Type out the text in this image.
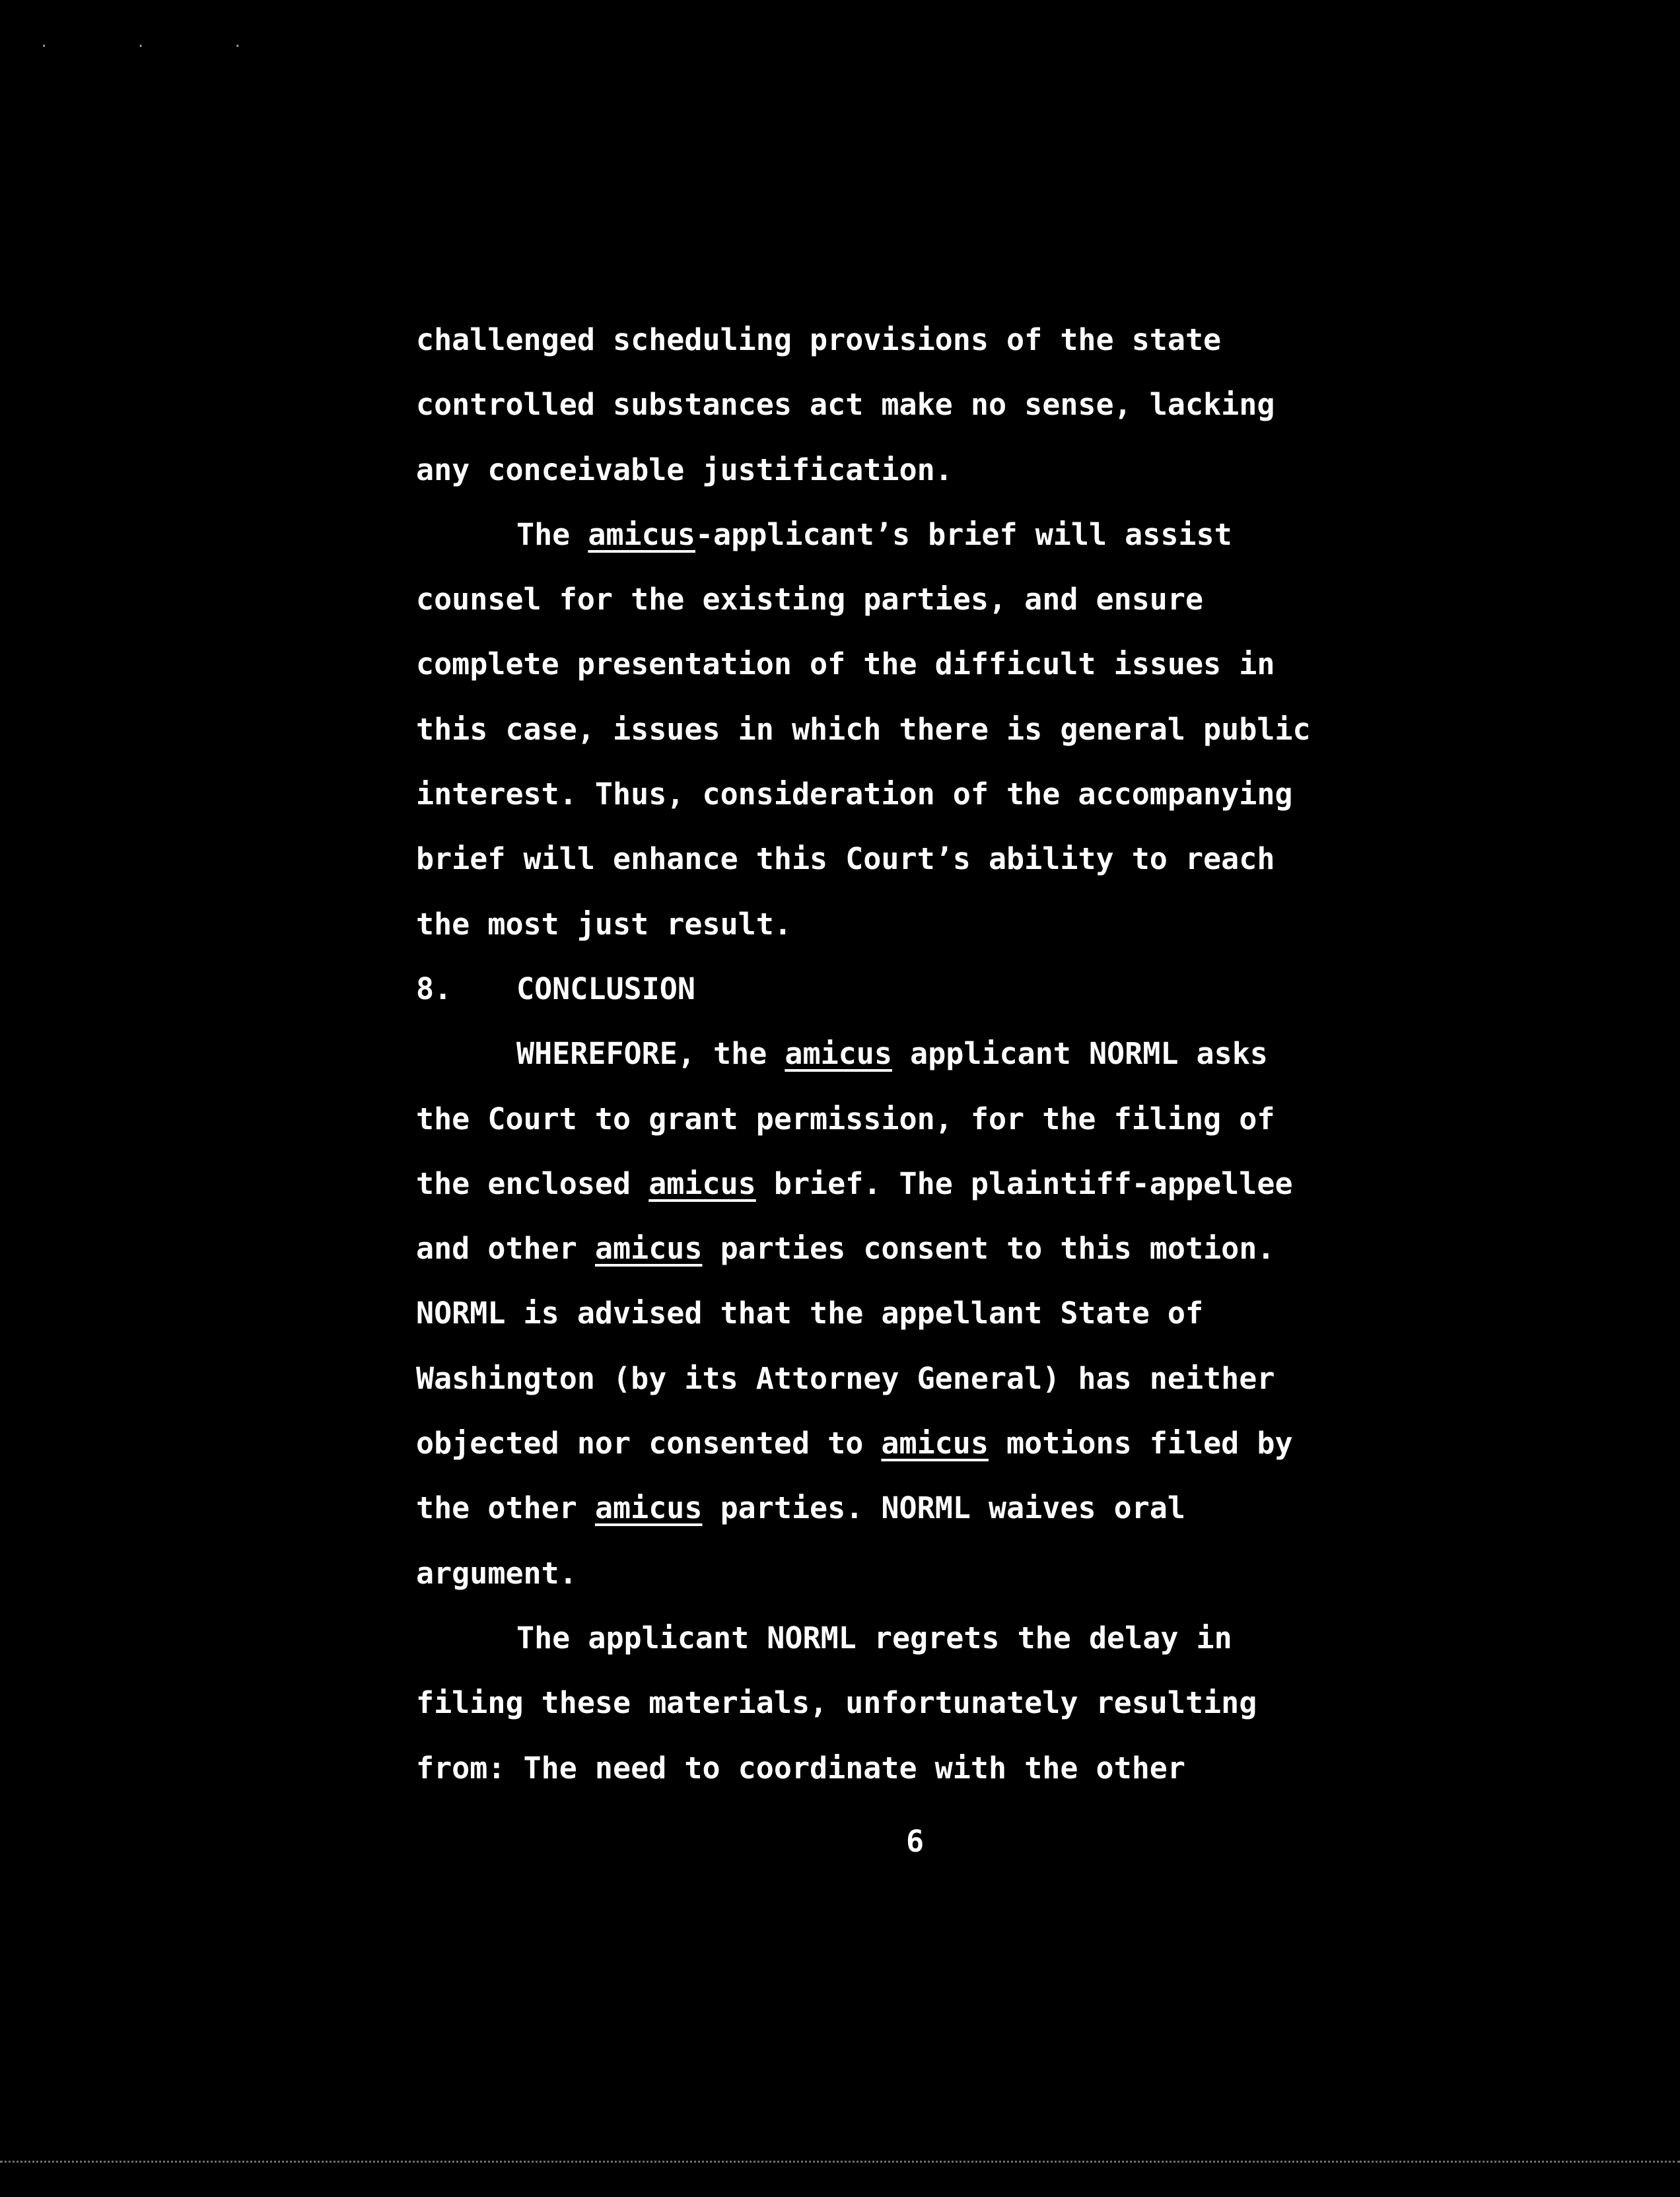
· · ·
challenged scheduling provisions of the state
controlled substances act make no sense, lacking
any conceivable justification.
The amicus-applicant’s brief will assist
counsel for the existing parties, and ensure
complete presentation of the difficult issues in
this case, issues in which there is general public
interest. Thus, consideration of the accompanying
brief will enhance this Court’s ability to reach
the most just result.
8. CONCLUSION
WHEREFORE, the amicus applicant NORML asks
the Court to grant permission, for the filing of
the enclosed amicus brief. The plaintiff-appellee
and other amicus parties consent to this motion.
NORML is advised that the appellant State of
Washington (by its Attorney General) has neither
objected nor consented to amicus motions filed by
the other amicus parties. NORML waives oral
argument.
The applicant NORML regrets the delay in
filing these materials, unfortunately resulting
from: The need to coordinate with the other
6
